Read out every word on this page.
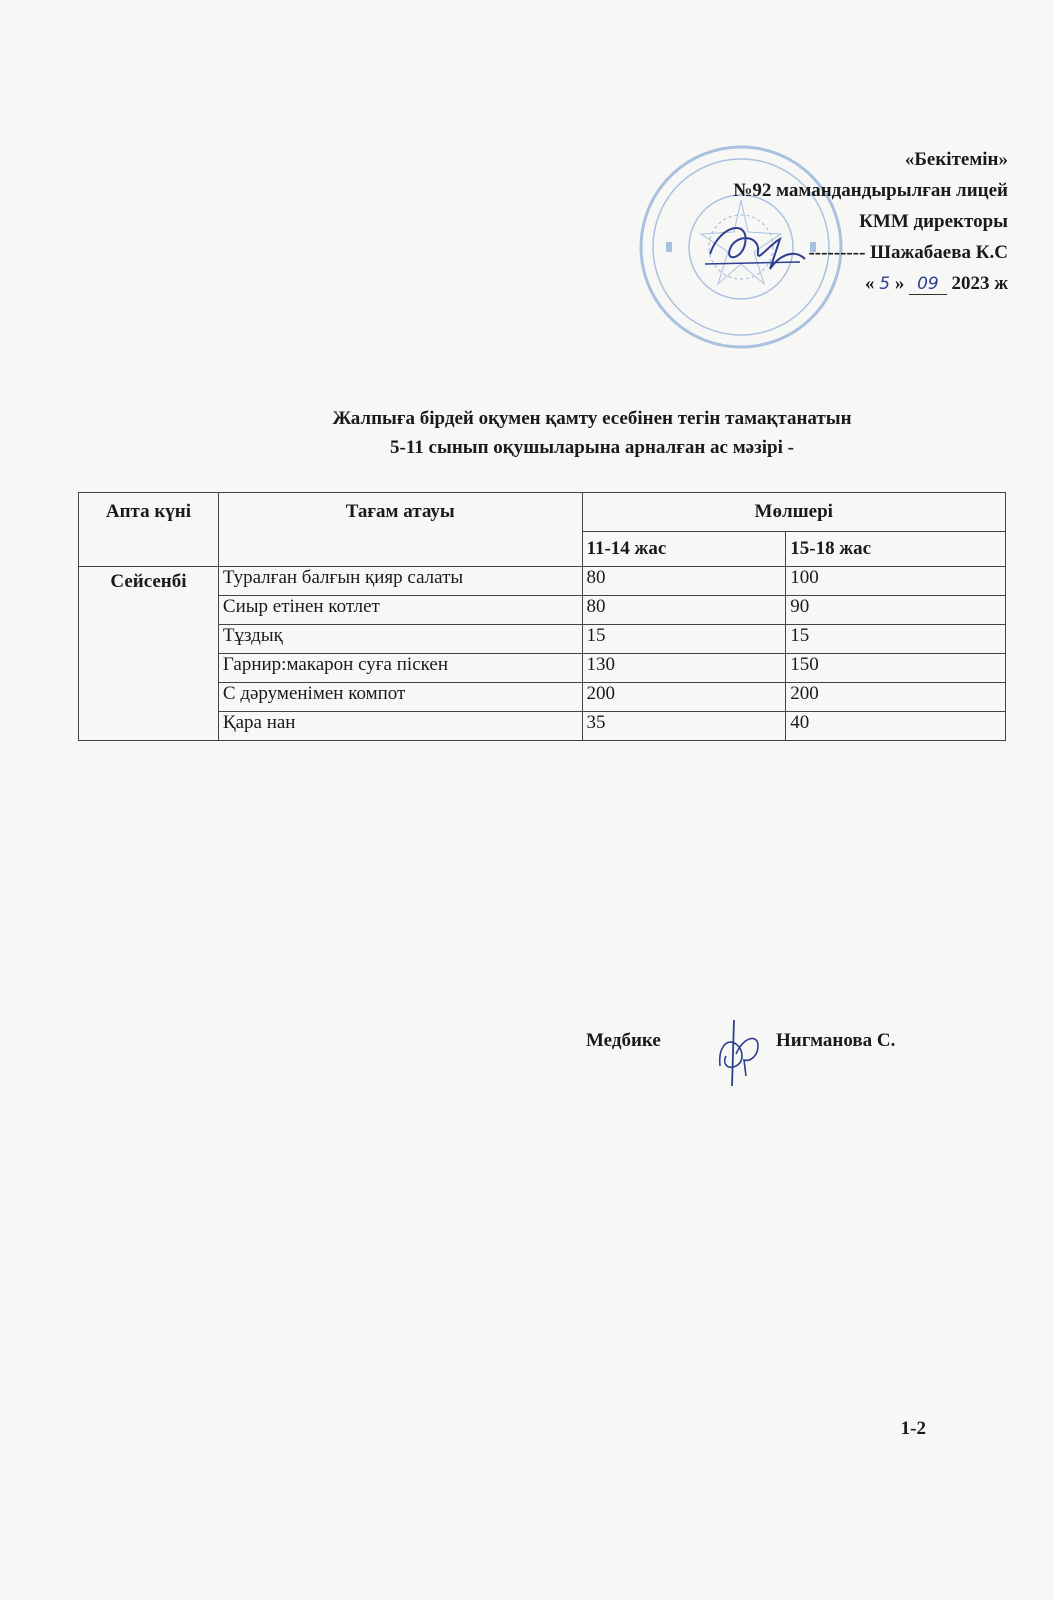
«Бекітемін»
№92 мамандандырылған лицей
КММ директоры
--------- Шажабаева К.С
« 5 » 09 2023 ж
Жалпыға бірдей оқумен қамту есебінен тегін тамақтанатын
5-11 сынып оқушыларына арналған ас мәзірі -
Апта күні	Тағам атауы	Мөлшері	
		11-14 жас	15-18 жас
Сейсенбі	Туралған балғын қияр салаты	80	100
	Сиыр етінен котлет	80	90
	Тұздық	15	15
	Гарнир:макарон суға піскен	130	150
	С дәруменімен компот	200	200
	Қара нан	35	40
Медбике	Нигманова С.
1-2
